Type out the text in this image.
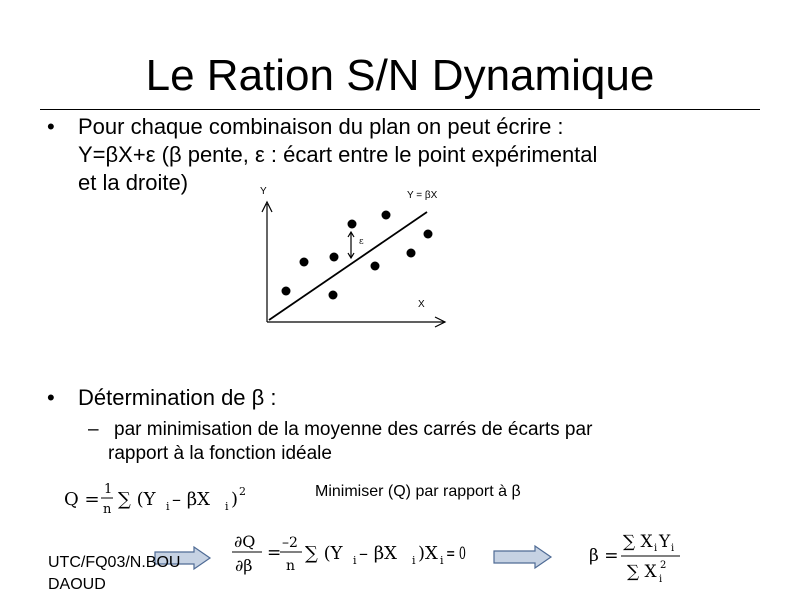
Le Ration S/N Dynamique
• Pour chaque combinaison du plan on peut écrire :
Y=βX+ε (β pente, ε : écart entre le point expérimental
et la droite)	Y
X
Y = βX
ε
• Détermination de β :
– par minimisation de la moyenne des carrés de écarts par
rapport à la fonction idéale
Q = 1
n ∑ (Y i – βX i ) 2	Minimiser (Q) par rapport à β
∂Q
∂β
= –2
n
∑ (Y i – βX i )X i = 0	β =
∑ X i Y i
∑ X i
2
UTC/FQ03/N.BOU
DAOUD
